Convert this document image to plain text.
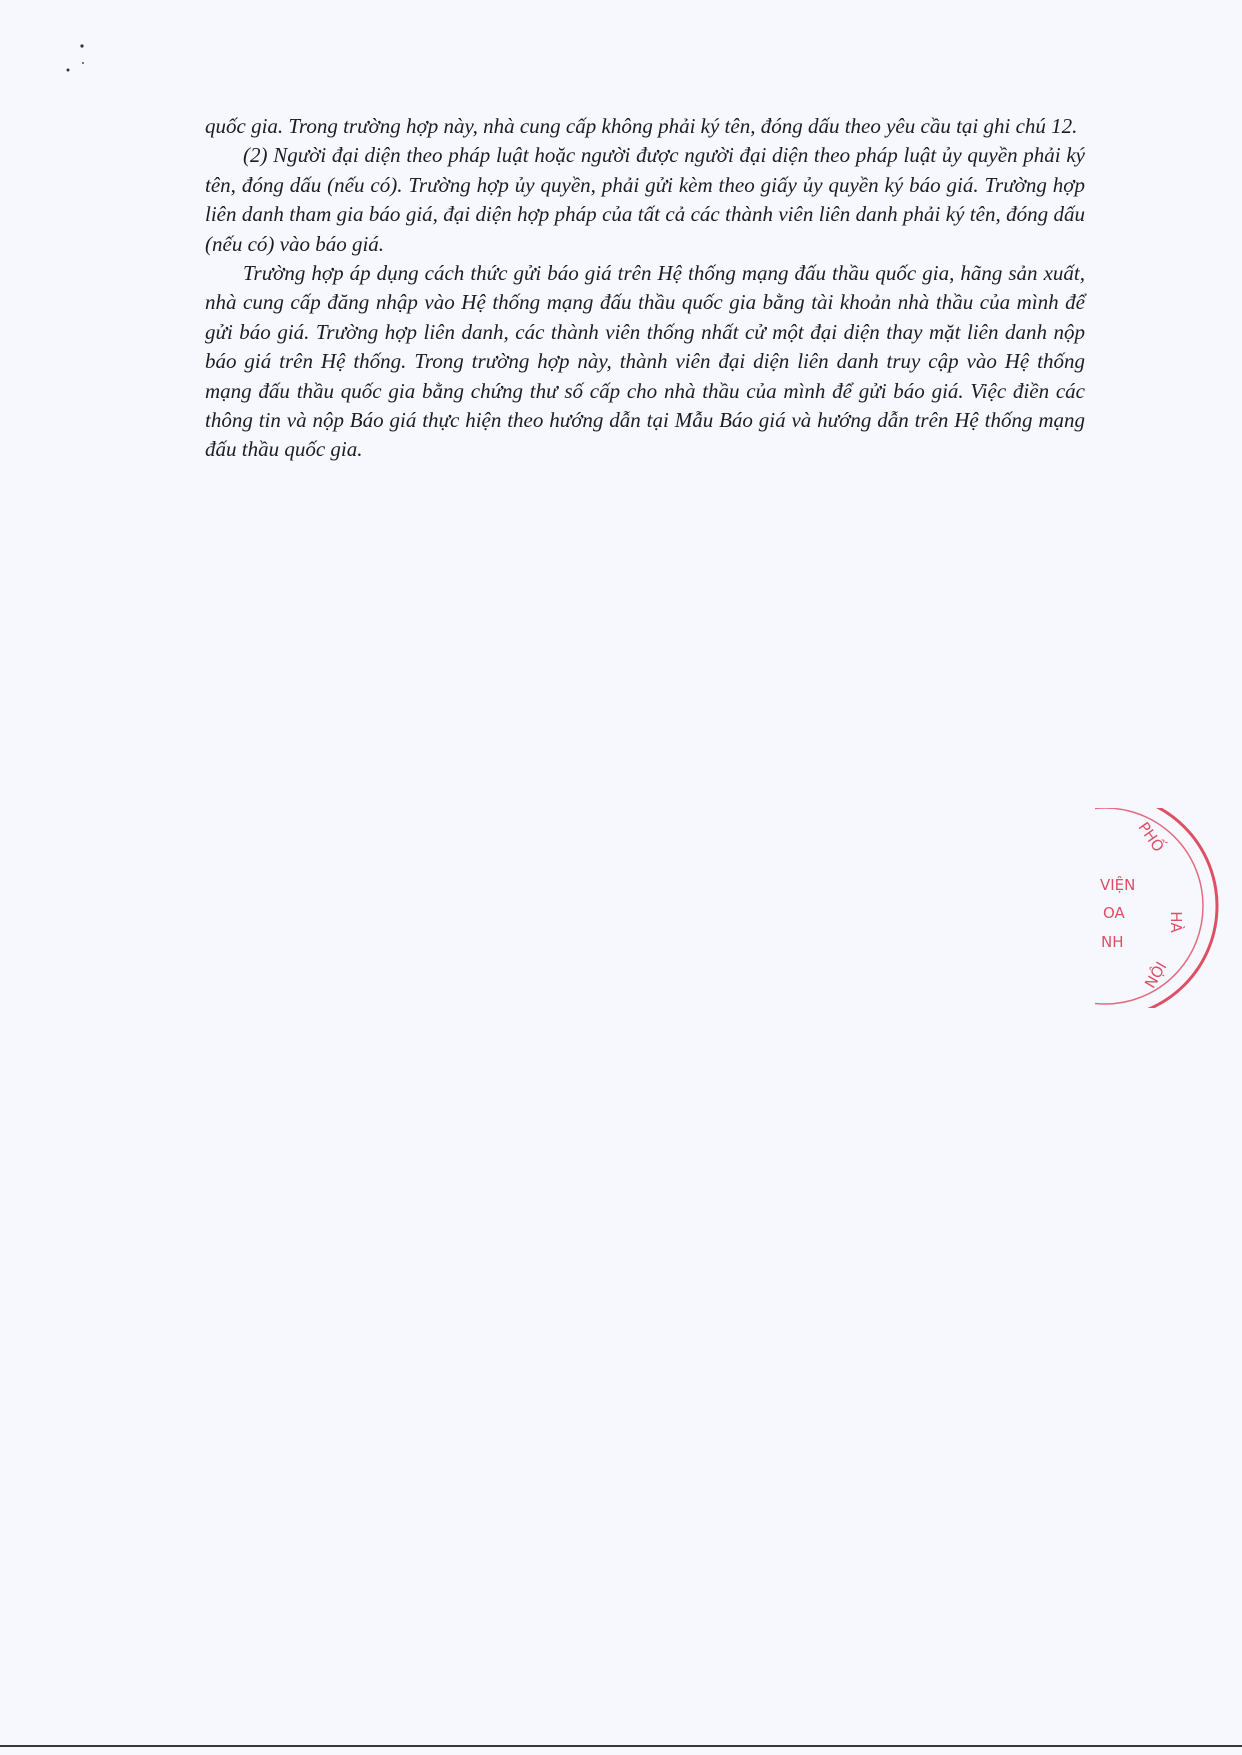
quốc gia. Trong trường hợp này, nhà cung cấp không phải ký tên, đóng dấu theo yêu cầu tại ghi chú 12.

(2) Người đại diện theo pháp luật hoặc người được người đại diện theo pháp luật ủy quyền phải ký tên, đóng dấu (nếu có). Trường hợp ủy quyền, phải gửi kèm theo giấy ủy quyền ký báo giá. Trường hợp liên danh tham gia báo giá, đại diện hợp pháp của tất cả các thành viên liên danh phải ký tên, đóng dấu (nếu có) vào báo giá.

Trường hợp áp dụng cách thức gửi báo giá trên Hệ thống mạng đấu thầu quốc gia, hãng sản xuất, nhà cung cấp đăng nhập vào Hệ thống mạng đấu thầu quốc gia bằng tài khoản nhà thầu của mình để gửi báo giá. Trường hợp liên danh, các thành viên thống nhất cử một đại diện thay mặt liên danh nộp báo giá trên Hệ thống. Trong trường hợp này, thành viên đại diện liên danh truy cập vào Hệ thống mạng đấu thầu quốc gia bằng chứng thư số cấp cho nhà thầu của mình để gửi báo giá. Việc điền các thông tin và nộp Báo giá thực hiện theo hướng dẫn tại Mẫu Báo giá và hướng dẫn trên Hệ thống mạng đấu thầu quốc gia.

PHỐ
HÀ
NỘI
VIỆN
OA
NH
